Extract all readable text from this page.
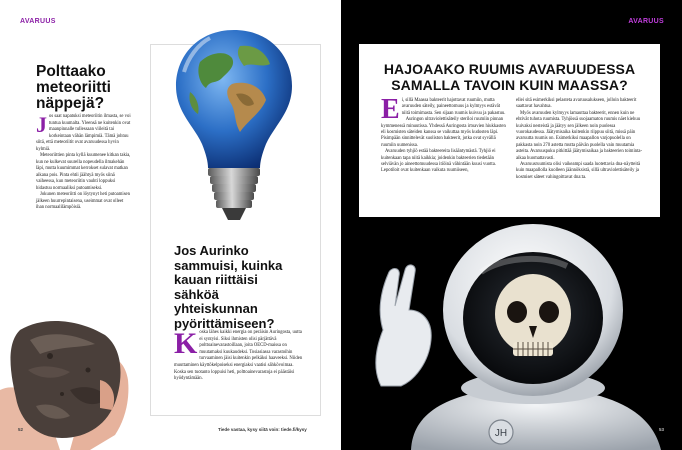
AVARUUS
Polttaako meteoriitti näppejä?

Jos saat napatuksi meteoriitin ilmasta, se voi tuntua kuumalta. Yleensä ne kuitenkin ovat maanpinnalle tullessaan viileitä tai korkeintaan vähän lämpimiä. Tämä johtuu siitä, että meteoriitit ovat avaruudessa hyvin kylmiä.

Meteoriittien pinta kyllä kuumenee kitkan takia, kun ne kulkevat suurella nopeudella ilmakehän läpi, mutta kuumimmat kerrokset sulavat matkan aikana pois. Pinta ehtii jäähtyä myös siinä vaiheessa, kun meteoriitin vauhti loppuksi hidastuu normaaliksi putoamiseksi.

Jokunen meteoriitti on löytynyt heti putoamisen jälkeen huurrepintaisena, useimmat ovat olleet ihan normaalilämpöisiä.

Jos Aurinko sammuisi, kuinka kauan riittäisi sähköä yhteiskunnan pyörittämiseen?
Koska lähes kaikki energia on peräisin Auringosta, uutta ei syntyisi. Siksi ihmisten olisi pärjättävä polttoainevarastoillaan, joita OECD-maissa on muutamaksi kuukaudeksi. Tosiasiassa varastoihin turvaaminen jäisi kuitenkin pelkäksi haaveeksi. Niiden muuttaminen käyttökelpoiseksi energiaksi vaatisi sähkövoimaa. Koska sen tuotanto loppuisi heti, polttoainevarastoja ei päästäisi hyödyntämään.
52	Tiede vastaa, kysy siitä voin: tiede.fi/kysy
AVARUUS
HAJOAAKO RUUMIS AVARUUDESSA
SAMALLA TAVOIN KUIN MAASSA?

Ei, sillä Maassa bakteerit hajottavat ruumiin, mutta avaruuden säteily, paineettomuus ja kylmyys estävät niitä toimimasta. Sen sijaan ruumis kuivuu ja pakastuu.

Auringon ultraviolettisäteily steriloi ruumiin pinnan kymmenessä minuutissa. Yhdessä Auringosta irtoavien hiukkasten eli kosmisten säteiden kanssa se vaikuttaa myös kudosten läpi. Pisimpään sinnittelevät suoliston bakteerit, jotka ovat syvällä ruumiin uumenissa.

Avaruuden tyhjiö estää bakteereita lisääntymästä. Tyhjiö ei kuitenkaan tapa niitä kaikkia; joidenkin bakteerien tiedetään selviävän jo aineettomuudessa itiöinä vähintään kuusi vuotta. Lepotiloit ovat kuitenkaan vaikuta ruumiiseen,

ellei sitä esimerkiksi pelasteta avaruusalukseen, jolloin bakteerit saattavat havahtua.

Myös avaruuden kylmyys lamauttaa bakteerit, ennen kuin ne ehtivät tuhota ruumista. Tyhjössä suojaamaton ruumis näet kiehuu kuivaksi nesteistä ja jäätyy sen jälkeen noin puolessa vuorokaudessa. Jäätymisaika kuitenkin riippuu siitä, missä päin avaruutta ruumis on. Esimerkiksi maapallon varjopuolella on pakkasta noin 270 astetta mutta päivän puolella vain muutamia asteita. Avaruuspuku pitkittää jäätymisaikaa ja bakteerien toiminta-aikaa huomattavasti.

Avaruusruumista olisi vaikeampi saada luotettavia dna-näytteitä kuin maapallolla kuolleen jäännöksistä, sillä ultraviolettisäteily ja kosmiset säteet vahingoittavat dna:ta.

JH	53
